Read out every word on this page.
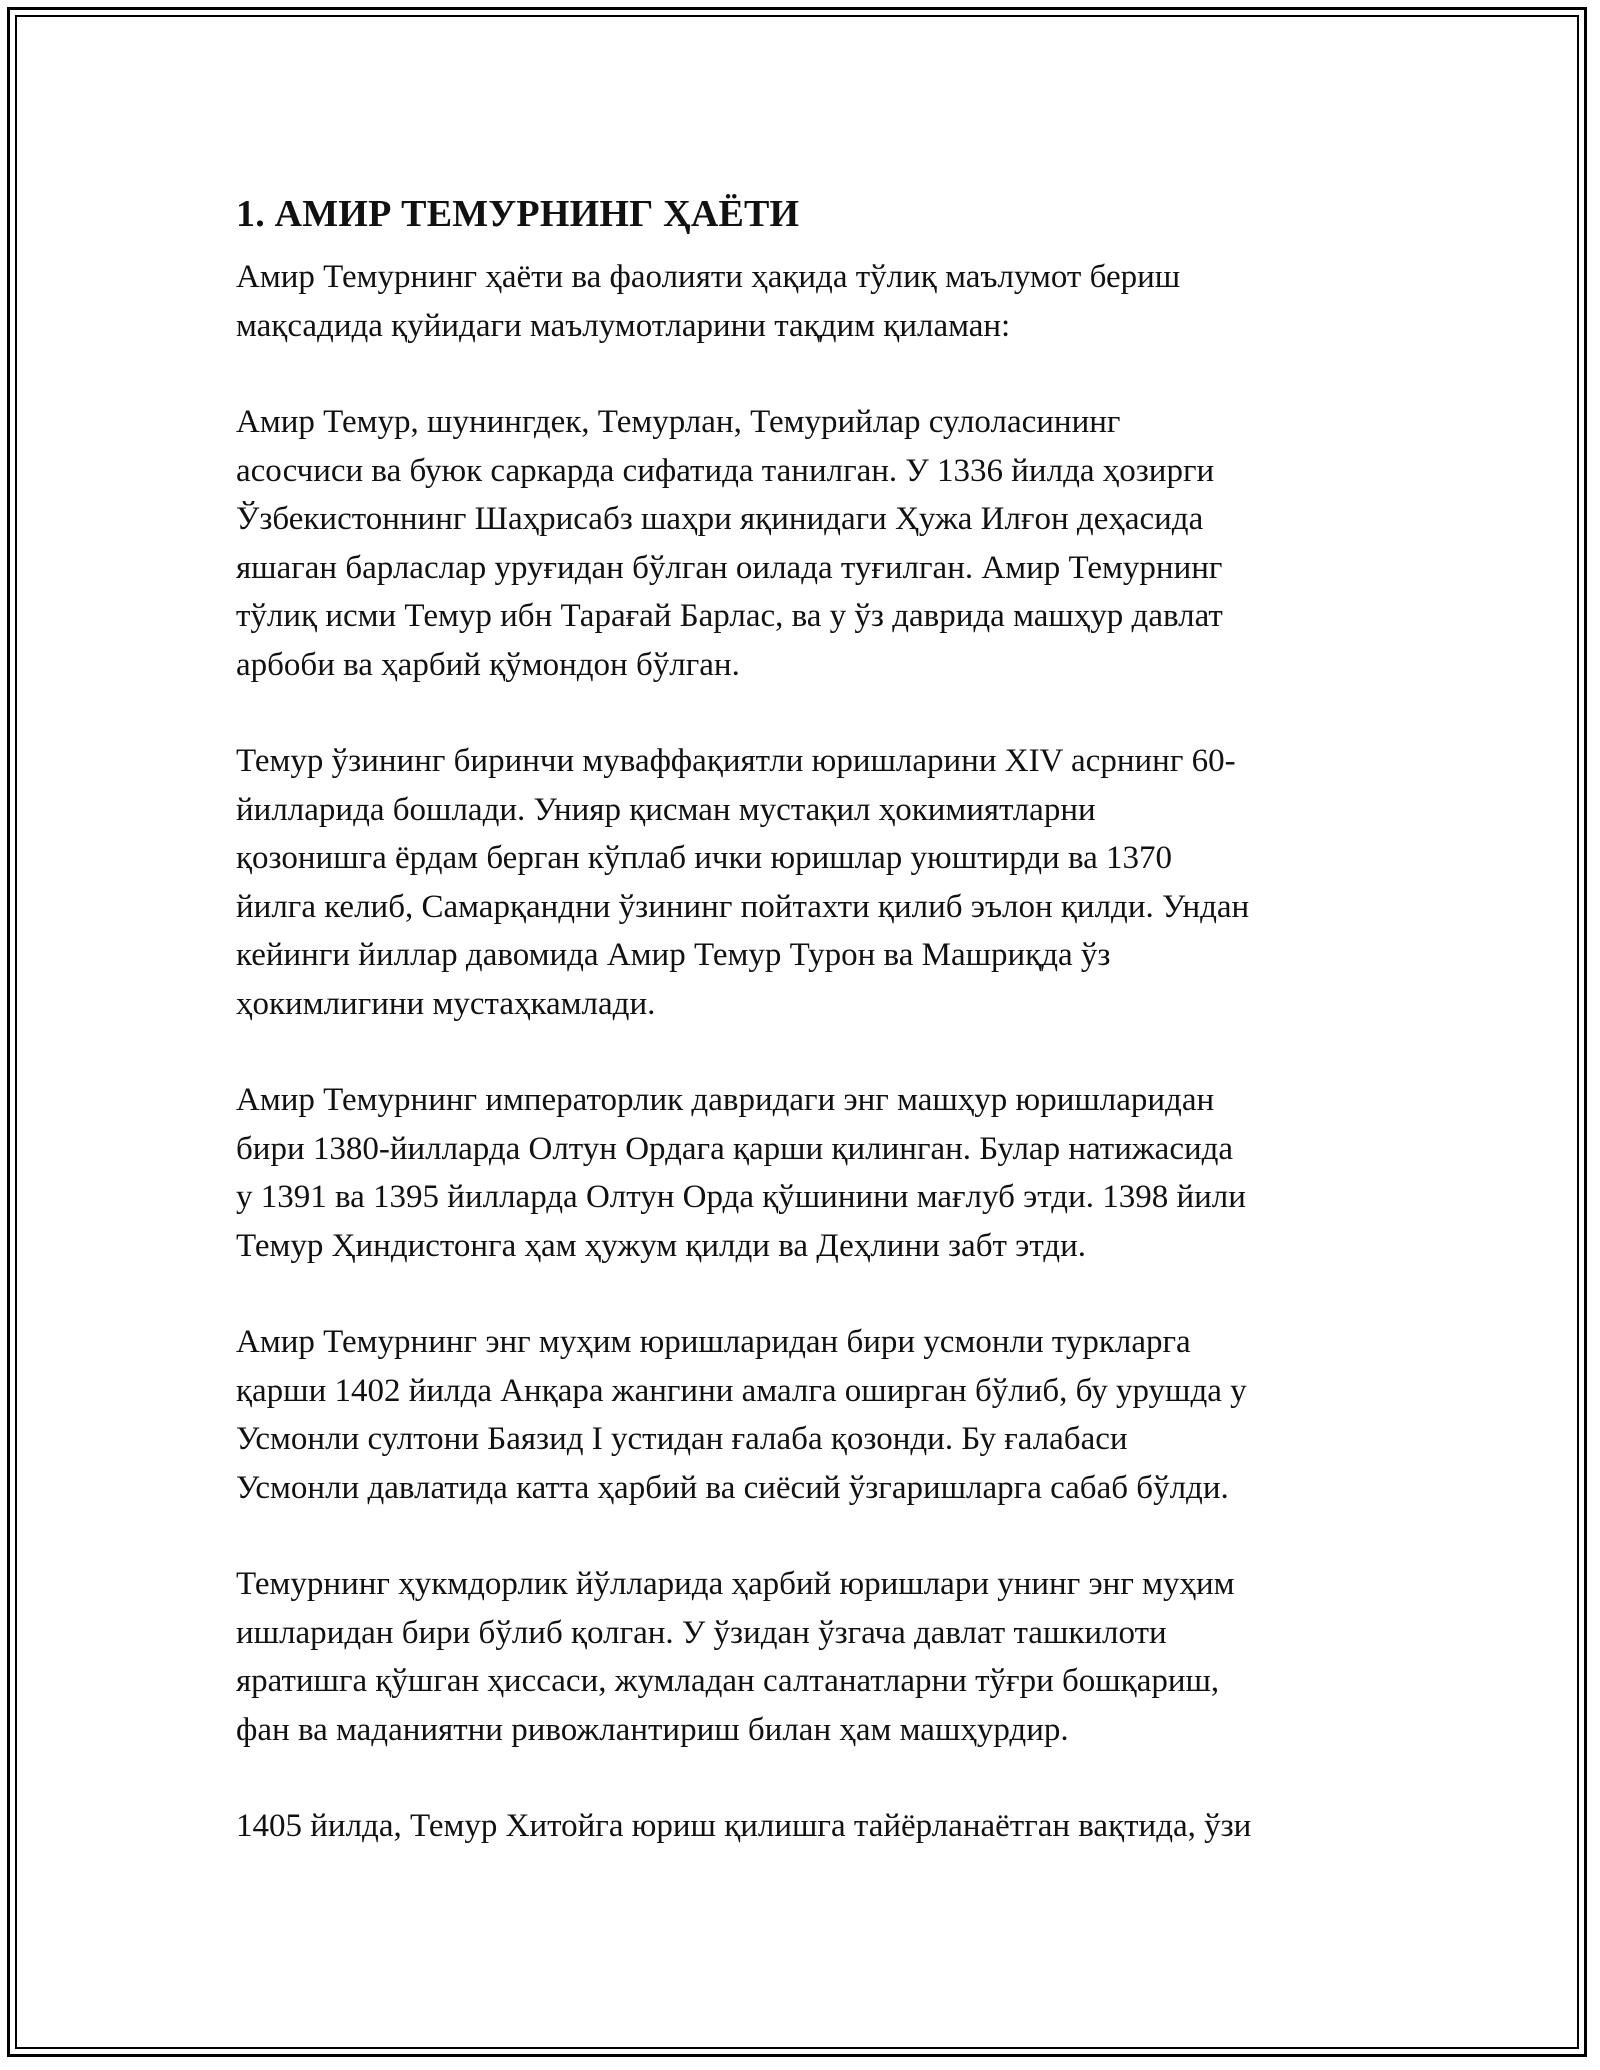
1. АМИР ТЕМУРНИНГ ҲАЁТИ

Амир Темурнинг ҳаёти ва фаолияти ҳақида тўлиқ маълумот бериш
мақсадида қуйидаги маълумотларини тақдим қиламан:

Амир Темур, шунингдек, Темурлан, Темурийлар сулоласининг
асосчиси ва буюк саркарда сифатида танилган. У 1336 йилда ҳозирги
Ўзбекистоннинг Шаҳрисабз шаҳри яқинидаги Ҳужа Илғон деҳасида
яшаган барласлар уруғидан бўлган оилада туғилган. Амир Темурнинг
тўлиқ исми Темур ибн Тарағай Барлас, ва у ўз даврида машҳур давлат
арбоби ва ҳарбий қўмондон бўлган.

Темур ўзининг биринчи муваффақиятли юришларини XIV асрнинг 60-
йилларида бошлади. Унияр қисман мустақил ҳокимиятларни
қозонишга ёрдам берган кўплаб ички юришлар уюштирди ва 1370
йилга келиб, Самарқандни ўзининг пойтахти қилиб эълон қилди. Ундан
кейинги йиллар давомида Амир Темур Турон ва Машриқда ўз
ҳокимлигини мустаҳкамлади.

Амир Темурнинг императорлик давридаги энг машҳур юришларидан
бири 1380-йилларда Олтун Ордага қарши қилинган. Булар натижасида
у 1391 ва 1395 йилларда Олтун Орда қўшинини мағлуб этди. 1398 йили
Темур Ҳиндистонга ҳам ҳужум қилди ва Деҳлини забт этди.

Амир Темурнинг энг муҳим юришларидан бири усмонли туркларга
қарши 1402 йилда Анқара жангини амалга оширган бўлиб, бу урушда у
Усмонли султони Баязид I устидан ғалаба қозонди. Бу ғалабаси
Усмонли давлатида катта ҳарбий ва сиёсий ўзгаришларга сабаб бўлди.

Темурнинг ҳукмдорлик йўлларида ҳарбий юришлари унинг энг муҳим
ишларидан бири бўлиб қолган. У ўзидан ўзгача давлат ташкилоти
яратишга қўшган ҳиссаси, жумладан салтанатларни тўғри бошқариш,
фан ва маданиятни ривожлантириш билан ҳам машҳурдир.

1405 йилда, Темур Хитойга юриш қилишга тайёрланаётган вақтида, ўзи
